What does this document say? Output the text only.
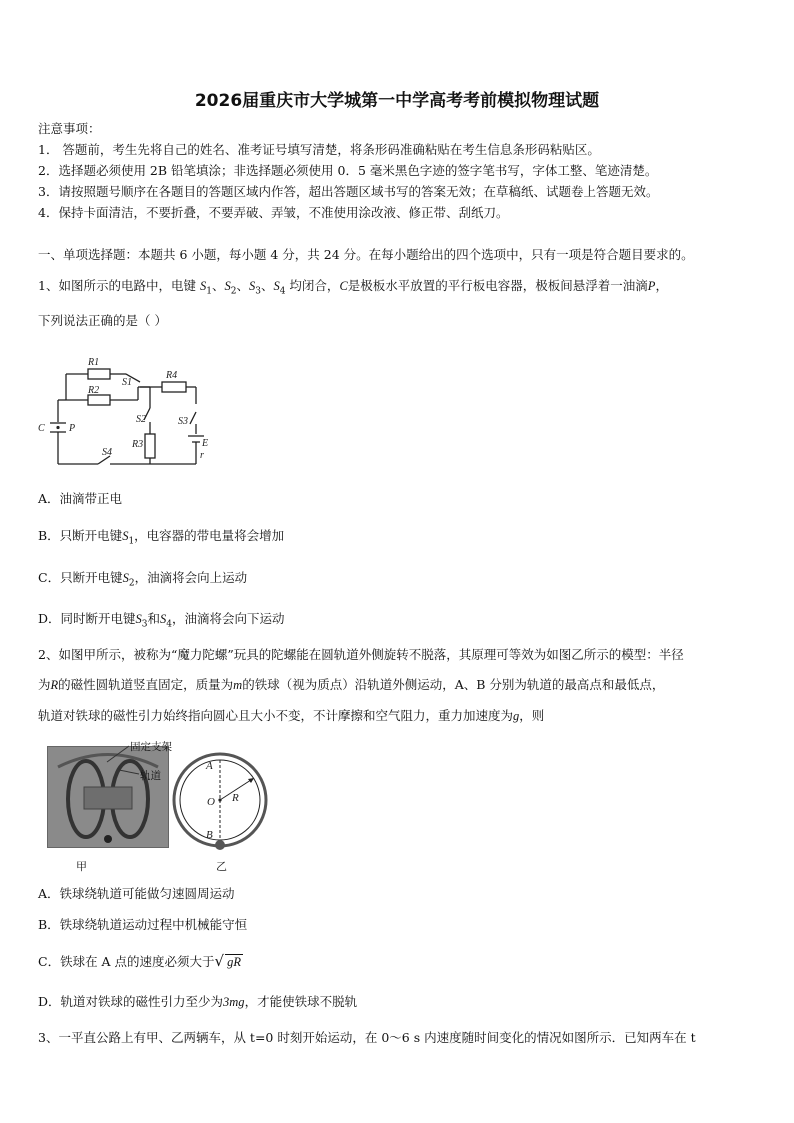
2026届重庆市大学城第一中学高考考前模拟物理试题
注意事项：
1． 答题前，考生先将自己的姓名、准考证号填写清楚，将条形码准确粘贴在考生信息条形码粘贴区。
2．选择题必须使用 2B 铅笔填涂；非选择题必须使用 0．5 毫米黑色字迹的签字笔书写，字体工整、笔迹清楚。
3．请按照题号顺序在各题目的答题区域内作答，超出答题区域书写的答案无效；在草稿纸、试题卷上答题无效。
4．保持卡面清洁，不要折叠，不要弄破、弄皱，不准使用涂改液、修正带、刮纸刀。
一、单项选择题：本题共 6 小题，每小题 4 分，共 24 分。在每小题给出的四个选项中，只有一项是符合题目要求的。
1、如图所示的电路中，电键 $S_1$、$S_2$、$S_3$、$S_4$ 均闭合，C是极板水平放置的平行板电容器，极板间悬浮着一油滴P，
下列说法正确的是（ ）
R1
R2
S1
R4
S2	S3
R3	E
r
C P
S4
A．油滴带正电
B．只断开电键$S_1$，电容器的带电量将会增加
C．只断开电键$S_2$，油滴将会向上运动
D．同时断开电键$S_3$和$S_4$，油滴将会向下运动
2、如图甲所示，被称为“魔力陀螺”玩具的陀螺能在圆轨道外侧旋转不脱落，其原理可等效为如图乙所示的模型：半径
为R的磁性圆轨道竖直固定，质量为m的铁球（视为质点）沿轨道外侧运动，A、B 分别为轨道的最高点和最低点，
轨道对铁球的磁性引力始终指向圆心且大小不变，不计摩擦和空气阻力，重力加速度为g，则
固定支架
轨道
甲
A
O R
B
乙
A．铁球绕轨道可能做匀速圆周运动
B．铁球绕轨道运动过程中机械能守恒
C．铁球在 A 点的速度必须大于√ gR
D．轨道对铁球的磁性引力至少为3mg，才能使铁球不脱轨
3、一平直公路上有甲、乙两辆车，从 t=0 时刻开始运动，在 0～6 s 内速度随时间变化的情况如图所示．已知两车在 t
